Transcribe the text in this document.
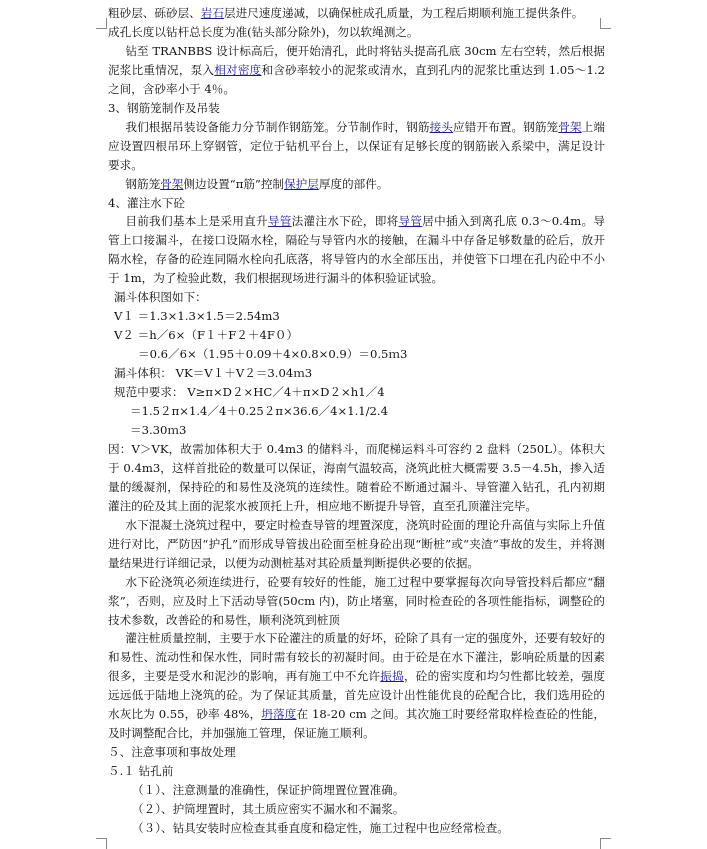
粗砂层、砾砂层、岩石层进尺速度递减，以确保桩成孔质量，为工程后期顺利施工提供条件。

成孔长度以钻杆总长度为准(钻头部分除外)，勿以软绳测之。

钻至 TRANBBS 设计标高后，便开始清孔，此时将钻头提高孔底 30cm 左右空转，然后根据泥浆比重情况，泵入相对密度和含砂率较小的泥浆或清水，直到孔内的泥浆比重达到 1.05～1.2 之间，含砂率小于 4％。

3、钢筋笼制作及吊装

我们根据吊装设备能力分节制作钢筋笼。分节制作时，钢筋接头应错开布置。钢筋笼骨架上端应设置四根吊环上穿钢管，定位于钻机平台上，以保证有足够长度的钢筋嵌入系梁中，满足设计要求。

钢筋笼骨架侧边设置“π筋”控制保护层厚度的部件。

4、灌注水下砼

目前我们基本上是采用直升导管法灌注水下砼，即将导管居中插入到离孔底 0.3～0.4m。导管上口接漏斗，在接口设隔水栓，隔砼与导管内水的接触，在漏斗中存备足够数量的砼后，放开隔水栓，存备的砼连同隔水栓向孔底落，将导管内的水全部压出，并使管下口埋在孔内砼中不小于 1m，为了检验此数，我们根据现场进行漏斗的体积验证试验。

漏斗体积图如下：

V１ ＝1.3×1.3×1.5＝2.54m3

V２ ＝h／6×（F１＋F２＋4F０）

＝0.6／6×（1.95＋0.09＋4×0.8×0.9）＝0.5ｍ3

漏斗体积： VK＝V１＋V２＝3.04ｍ3

规范中要求： V≥π×D２×HC／4＋π×D２×h1／4

＝1.5２π×1.4／4＋0.25２π×36.6／4×1.1/2.4

＝3.30ｍ3

因：V＞VK，故需加体积大于 0.4m3 的储料斗，而爬梯运料斗可容约 2 盘料（250L）。体积大于 0.4m3，这样首批砼的数量可以保证，海南气温较高，浇筑此桩大概需要 3.5－4.5h，掺入适量的缓凝剂，保持砼的和易性及浇筑的连续性。随着砼不断通过漏斗、导管灌入钻孔，孔内初期灌注的砼及其上面的泥浆水被顶托上升，相应地不断提升导管，直至孔顶灌注完毕。

水下混凝土浇筑过程中，要定时检查导管的埋置深度，浇筑时砼面的理论升高值与实际上升值进行对比，严防因“护孔”而形成导管拔出砼面至桩身砼出现“断桩”或“夹渣”事故的发生，并将测量结果进行详细记录，以便为动测桩基对其砼质量判断提供必要的依据。

水下砼浇筑必须连续进行，砼要有较好的性能，施工过程中要掌握每次向导管投料后都应“翻浆”，否则，应及时上下活动导管(50cm 内)，防止堵塞，同时检查砼的各项性能指标，调整砼的技术参数，改善砼的和易性，顺利浇筑到桩顶

灌注桩质量控制，主要于水下砼灌注的质量的好坏，砼除了具有一定的强度外，还要有较好的和易性、流动性和保水性，同时需有较长的初凝时间。由于砼是在水下灌注，影响砼质量的因素很多，主要是受水和泥沙的影响，再有施工中不允许振捣，砼的密实度和均匀性都比较差，强度远远低于陆地上浇筑的砼。为了保证其质量，首先应设计出性能优良的砼配合比，我们选用砼的水灰比为 0.55，砂率 48%，坍落度在 18-20 cm 之间。其次施工时要经常取样检查砼的性能，及时调整配合比，并加强施工管理，保证施工顺利。

５、注意事项和事故处理

５.１ 钻孔前

（１）、注意测量的准确性，保证护筒埋置位置准确。

（２）、护筒埋置时，其土质应密实不漏水和不漏浆。

（３）、钻具安装时应检查其垂直度和稳定性，施工过程中也应经常检查。
